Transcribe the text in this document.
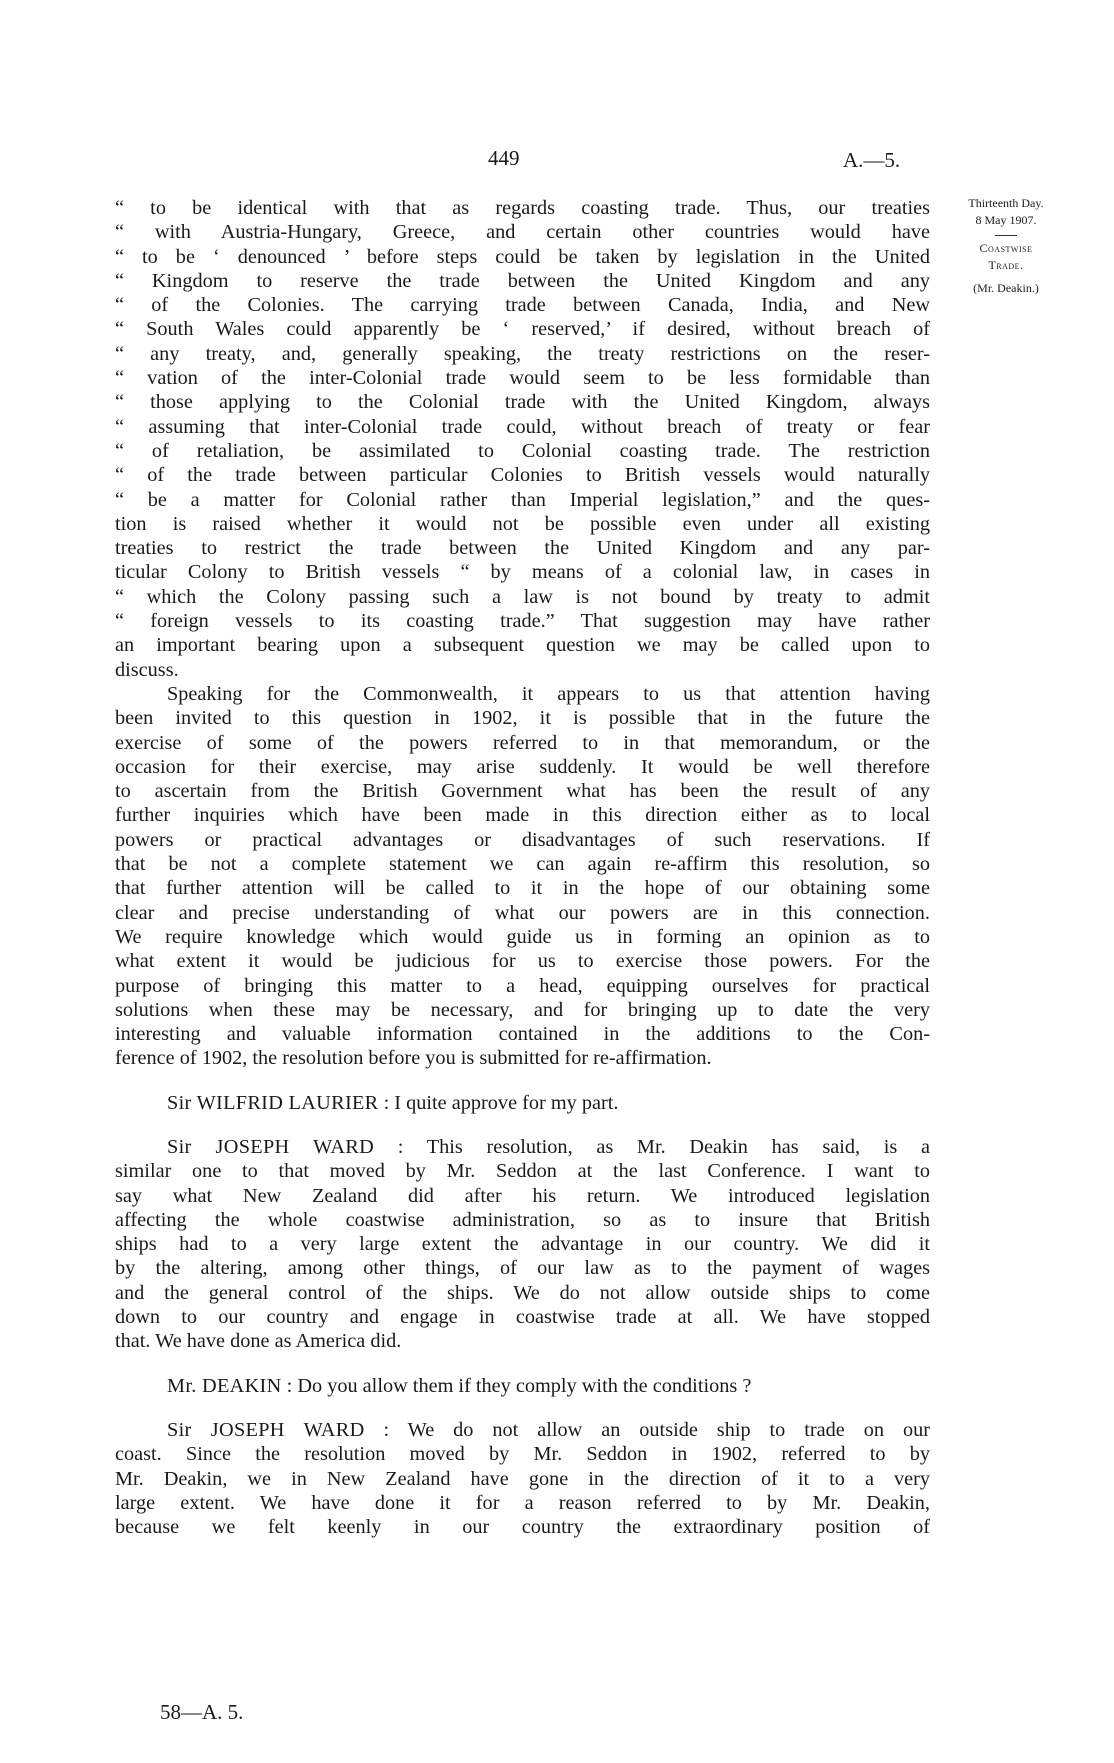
449	A.—5.
Thirteenth Day.
8 May 1907.
Coastwise
Trade.
(Mr. Deakin.)

“ to be identical with that as regards coasting trade. Thus, our treaties
“ with Austria-Hungary, Greece, and certain other countries would have
“ to be ‘ denounced ’ before steps could be taken by legislation in the United
“ Kingdom to reserve the trade between the United Kingdom and any
“ of the Colonies. The carrying trade between Canada, India, and New
“ South Wales could apparently be ‘ reserved,’ if desired, without breach of
“ any treaty, and, generally speaking, the treaty restrictions on the reser-
“ vation of the inter-Colonial trade would seem to be less formidable than
“ those applying to the Colonial trade with the United Kingdom, always
“ assuming that inter-Colonial trade could, without breach of treaty or fear
“ of retaliation, be assimilated to Colonial coasting trade. The restriction
“ of the trade between particular Colonies to British vessels would naturally
“ be a matter for Colonial rather than Imperial legislation,” and the ques-
tion is raised whether it would not be possible even under all existing
treaties to restrict the trade between the United Kingdom and any par-
ticular Colony to British vessels “ by means of a colonial law, in cases in
“ which the Colony passing such a law is not bound by treaty to admit
“ foreign vessels to its coasting trade.” That suggestion may have rather
an important bearing upon a subsequent question we may be called upon to
discuss.

Speaking for the Commonwealth, it appears to us that attention having
been invited to this question in 1902, it is possible that in the future the
exercise of some of the powers referred to in that memorandum, or the
occasion for their exercise, may arise suddenly. It would be well therefore
to ascertain from the British Government what has been the result of any
further inquiries which have been made in this direction either as to local
powers or practical advantages or disadvantages of such reservations. If
that be not a complete statement we can again re-affirm this resolution, so
that further attention will be called to it in the hope of our obtaining some
clear and precise understanding of what our powers are in this connection.
We require knowledge which would guide us in forming an opinion as to
what extent it would be judicious for us to exercise those powers. For the
purpose of bringing this matter to a head, equipping ourselves for practical
solutions when these may be necessary, and for bringing up to date the very
interesting and valuable information contained in the additions to the Con-
ference of 1902, the resolution before you is submitted for re-affirmation.

Sir WILFRID LAURIER : I quite approve for my part.

Sir JOSEPH WARD : This resolution, as Mr. Deakin has said, is a
similar one to that moved by Mr. Seddon at the last Conference. I want to
say what New Zealand did after his return. We introduced legislation
affecting the whole coastwise administration, so as to insure that British
ships had to a very large extent the advantage in our country. We did it
by the altering, among other things, of our law as to the payment of wages
and the general control of the ships. We do not allow outside ships to come
down to our country and engage in coastwise trade at all. We have stopped
that. We have done as America did.

Mr. DEAKIN : Do you allow them if they comply with the conditions ?

Sir JOSEPH WARD : We do not allow an outside ship to trade on our
coast. Since the resolution moved by Mr. Seddon in 1902, referred to by
Mr. Deakin, we in New Zealand have gone in the direction of it to a very
large extent. We have done it for a reason referred to by Mr. Deakin,
because we felt keenly in our country the extraordinary position of

58—A. 5.
